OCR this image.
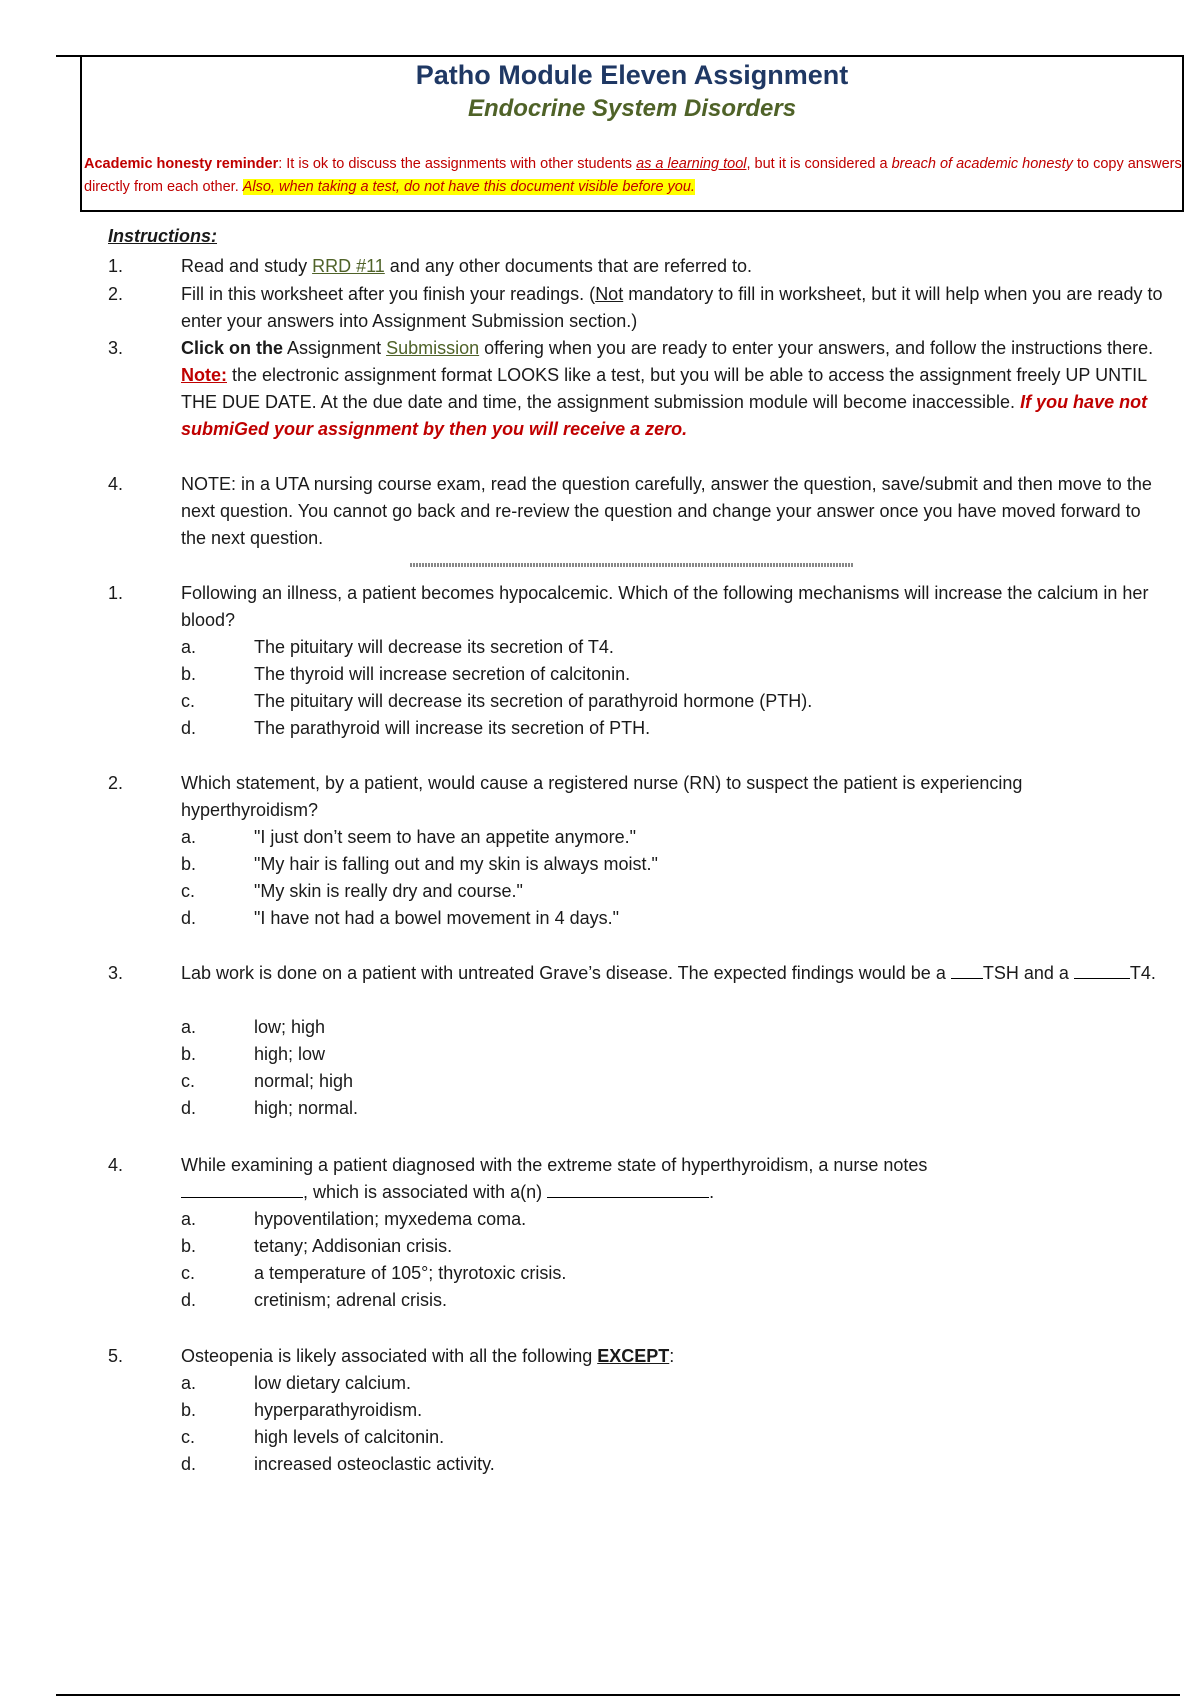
Patho Module Eleven Assignment
Endocrine System Disorders
Academic honesty reminder: It is ok to discuss the assignments with other students as a learning tool, but it is considered a breach of academic honesty to copy answers directly from each other. Also, when taking a test, do not have this document visible before you.
Instructions:
1.	Read and study RRD #11 and any other documents that are referred to.
2.	Fill in this worksheet after you finish your readings. (Not mandatory to fill in worksheet, but it will help when you are ready to enter your answers into Assignment Submission section.)
3.	Click on the Assignment Submission offering when you are ready to enter your answers, and follow the instructions there. Note: the electronic assignment format LOOKS like a test, but you will be able to access the assignment freely UP UNTIL THE DUE DATE. At the due date and time, the assignment submission module will become inaccessible. If you have not submiGed your assignment by then you will receive a zero.
4.	NOTE: in a UTA nursing course exam, read the question carefully, answer the question, save/submit and then move to the next question. You cannot go back and re-review the question and change your answer once you have moved forward to the next question.
1.	Following an illness, a patient becomes hypocalcemic. Which of the following mechanisms will increase the calcium in her blood?
a.	The pituitary will decrease its secretion of T4.
b.	The thyroid will increase secretion of calcitonin.
c.	The pituitary will decrease its secretion of parathyroid hormone (PTH).
d.	The parathyroid will increase its secretion of PTH.
2.	Which statement, by a patient, would cause a registered nurse (RN) to suspect the patient is experiencing hyperthyroidism?
a.	"I just don’t seem to have an appetite anymore."
b.	"My hair is falling out and my skin is always moist."
c.	"My skin is really dry and course."
d.	"I have not had a bowel movement in 4 days."
3.	Lab work is done on a patient with untreated Grave’s disease. The expected findings would be a TSH and a	T4.
a.	low; high
b.	high; low
c.	normal; high
d.	high; normal.
4.	While examining a patient diagnosed with the extreme state of hyperthyroidism, a nurse notes
, which is associated with a(n)	.
a.	hypoventilation; myxedema coma.
b.	tetany; Addisonian crisis.
c.	a temperature of 105°; thyrotoxic crisis.
d.	cretinism; adrenal crisis.
5.	Osteopenia is likely associated with all the following EXCEPT:
a.	low dietary calcium.
b.	hyperparathyroidism.
c.	high levels of calcitonin.
d.	increased osteoclastic activity.
